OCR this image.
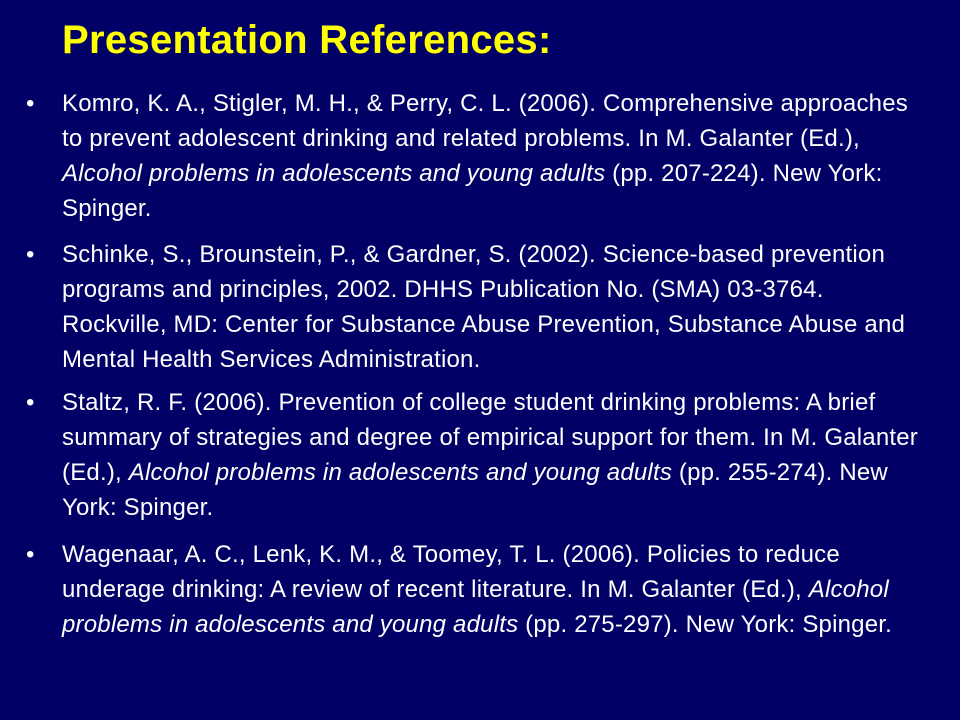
Presentation References:
• Komro, K. A., Stigler, M. H., & Perry, C. L. (2006). Comprehensive approaches to prevent adolescent drinking and related problems. In M. Galanter (Ed.), Alcohol problems in adolescents and young adults (pp. 207-224). New York: Spinger.
• Schinke, S., Brounstein, P., & Gardner, S. (2002). Science-based prevention programs and principles, 2002. DHHS Publication No. (SMA) 03-3764. Rockville, MD: Center for Substance Abuse Prevention, Substance Abuse and Mental Health Services Administration.
• Staltz, R. F. (2006). Prevention of college student drinking problems: A brief summary of strategies and degree of empirical support for them. In M. Galanter (Ed.), Alcohol problems in adolescents and young adults (pp. 255-274). New York: Spinger.
• Wagenaar, A. C., Lenk, K. M., & Toomey, T. L. (2006). Policies to reduce underage drinking: A review of recent literature. In M. Galanter (Ed.), Alcohol problems in adolescents and young adults (pp. 275-297). New York: Spinger.
